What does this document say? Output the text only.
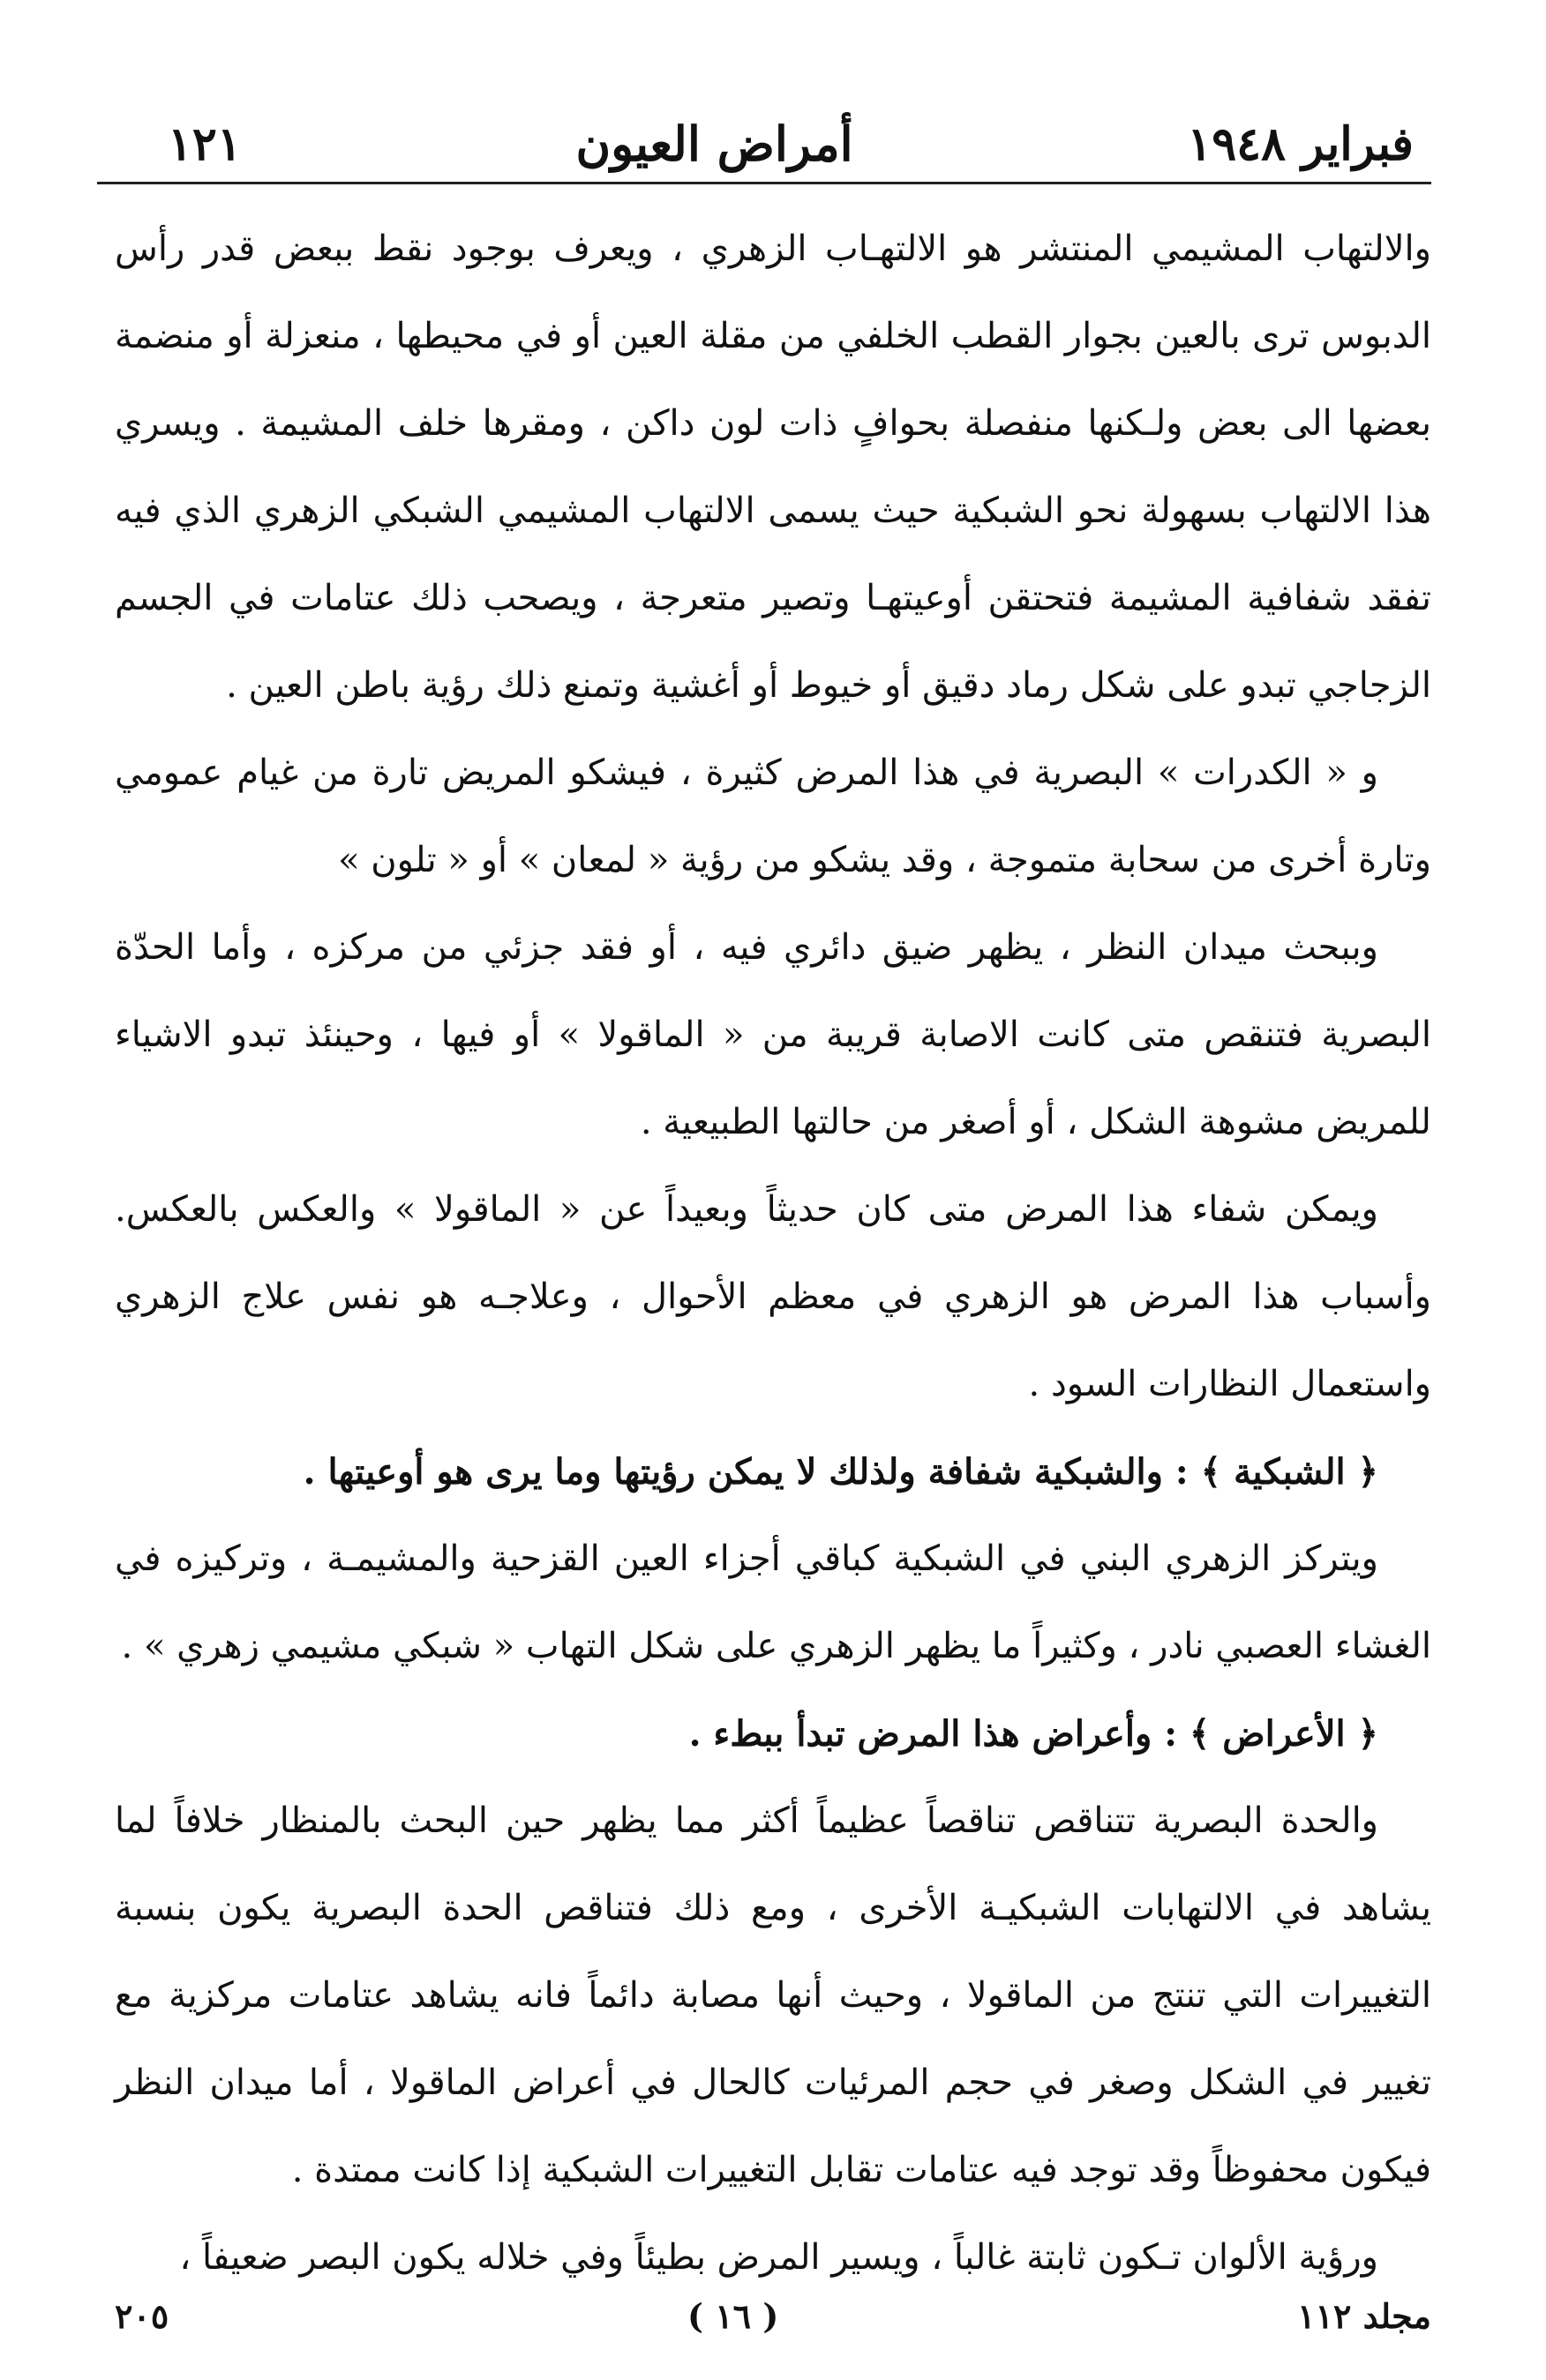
فبراير ١٩٤٨
أمراض العيون
١٢١

والالتهاب المشيمي المنتشر هو الالتهـاب الزهري ، ويعرف بوجود نقط ببعض قدر رأس الدبوس ترى بالعين بجوار القطب الخلفي من مقلة العين أو في محيطها ، منعزلة أو منضمة بعضها الى بعض ولـكنها منفصلة بحوافٍ ذات لون داكن ، ومقرها خلف المشيمة . ويسري هذا الالتهاب بسهولة نحو الشبكية حيث يسمى الالتهاب المشيمي الشبكي الزهري الذي فيه تفقد شفافية المشيمة فتحتقن أوعيتهـا وتصير متعرجة ، ويصحب ذلك عتامات في الجسم الزجاجي تبدو على شكل رماد دقيق أو خيوط أو أغشية وتمنع ذلك رؤية باطن العين .

و « الكدرات » البصرية في هذا المرض كثيرة ، فيشكو المريض تارة من غيام عمومي وتارة أخرى من سحابة متموجة ، وقد يشكو من رؤية « لمعان » أو « تلون »

وببحث ميدان النظر ، يظهر ضيق دائري فيه ، أو فقد جزئي من مركزه ، وأما الحدّة البصرية فتنقص متى كانت الاصابة قريبة من « الماقولا » أو فيها ، وحينئذ تبدو الاشياء للمريض مشوهة الشكل ، أو أصغر من حالتها الطبيعية .

ويمكن شفاء هذا المرض متى كان حديثاً وبعيداً عن « الماقولا » والعكس بالعكس. وأسباب هذا المرض هو الزهري في معظم الأحوال ، وعلاجـه هو نفس علاج الزهري واستعمال النظارات السود .

﴿ الشبكية ﴾ : والشبكية شفافة ولذلك لا يمكن رؤيتها وما يرى هو أوعيتها .

ويتركز الزهري البني في الشبكية كباقي أجزاء العين القزحية والمشيمـة ، وتركيزه في الغشاء العصبي نادر ، وكثيراً ما يظهر الزهري على شكل التهاب « شبكي مشيمي زهري » .

﴿ الأعراض ﴾ : وأعراض هذا المرض تبدأ ببطء .

والحدة البصرية تتناقص تناقصاً عظيماً أكثر مما يظهر حين البحث بالمنظار خلافاً لما يشاهد في الالتهابات الشبكيـة الأخرى ، ومع ذلك فتناقص الحدة البصرية يكون بنسبة التغييرات التي تنتج من الماقولا ، وحيث أنها مصابة دائماً فانه يشاهد عتامات مركزية مع تغيير في الشكل وصغر في حجم المرئيات كالحال في أعراض الماقولا ، أما ميدان النظر فيكون محفوظاً وقد توجد فيه عتامات تقابل التغييرات الشبكية إذا كانت ممتدة .

ورؤية الألوان تـكون ثابتة غالباً ، ويسير المرض بطيئاً وفي خلاله يكون البصر ضعيفاً ،

مجلد ١١٢
( ١٦ )
٢٠٥
